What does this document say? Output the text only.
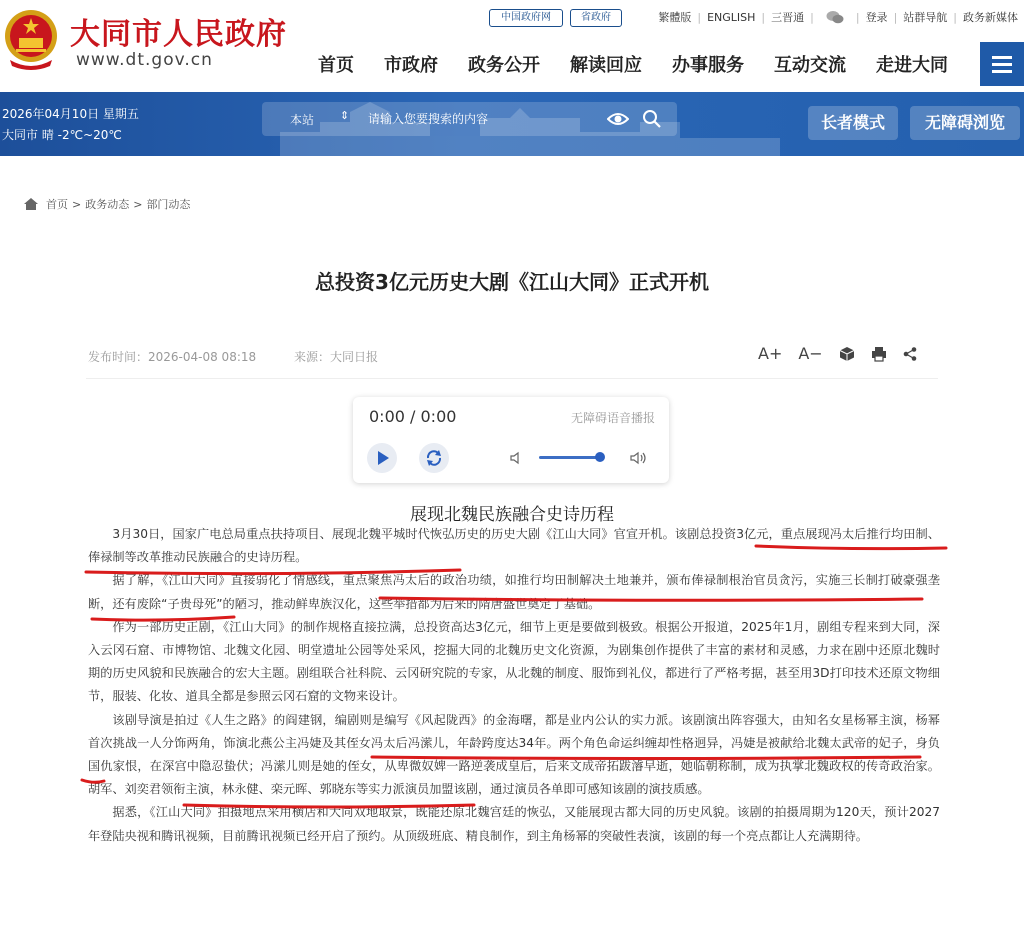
大同市人民政府
www.dt.gov.cn
中国政府网	省政府	繁體版 | ENGLISH | 三晋通 |	| 登录 | 站群导航 | 政务新媒体
首页 市政府 政务公开 解读回应 办事服务 互动交流 走进大同
2026年04月10日 星期五
大同市 晴 -2℃~20℃
本站 ⇕
请输入您要搜索的内容	长者模式	无障碍浏览
首页 > 政务动态 > 部门动态
总投资3亿元历史大剧《江山大同》正式开机
发布时间：2026-04-08 08:18	来源：大同日报	A+ A−
0:00 / 0:00	无障碍语音播报
展现北魏民族融合史诗历程

3月30日，国家广电总局重点扶持项目、展现北魏平城时代恢弘历史的历史大剧《江山大同》官宣开机。该剧总投资3亿元，重点展现冯太后推行均田制、俸禄制等改革推动民族融合的史诗历程。

据了解，《江山大同》直接弱化了情感线，重点聚焦冯太后的政治功绩，如推行均田制解决土地兼并，颁布俸禄制根治官员贪污，实施三长制打破豪强垄断，还有废除“子贵母死”的陋习，推动鲜卑族汉化，这些举措都为后来的隋唐盛世奠定了基础。

作为一部历史正剧，《江山大同》的制作规格直接拉满，总投资高达3亿元，细节上更是要做到极致。根据公开报道，2025年1月，剧组专程来到大同，深入云冈石窟、市博物馆、北魏文化园、明堂遗址公园等处采风，挖掘大同的北魏历史文化资源，为剧集创作提供了丰富的素材和灵感，力求在剧中还原北魏时期的历史风貌和民族融合的宏大主题。剧组联合社科院、云冈研究院的专家，从北魏的制度、服饰到礼仪，都进行了严格考据，甚至用3D打印技术还原文物细节，服装、化妆、道具全都是参照云冈石窟的文物来设计。

该剧导演是拍过《人生之路》的阎建钢，编剧则是编写《风起陇西》的金海曙，都是业内公认的实力派。该剧演出阵容强大，由知名女星杨幂主演，杨幂首次挑战一人分饰两角，饰演北燕公主冯婕及其侄女冯太后冯潆儿，年龄跨度达34年。两个角色命运纠缠却性格迥异，冯婕是被献给北魏太武帝的妃子，身负国仇家恨，在深宫中隐忍蛰伏；冯潆儿则是她的侄女，从卑微奴婢一路逆袭成皇后，后来文成帝拓跋濬早逝，她临朝称制，成为执掌北魏政权的传奇政治家。胡军、刘奕君领衔主演，林永健、栾元晖、郭晓东等实力派演员加盟该剧，通过演员各单即可感知该剧的演技质感。

据悉，《江山大同》拍摄地点采用横店和大同双地取景，既能还原北魏宫廷的恢弘，又能展现古都大同的历史风貌。该剧的拍摄周期为120天，预计2027年登陆央视和腾讯视频，目前腾讯视频已经开启了预约。从顶级班底、精良制作，到主角杨幂的突破性表演，该剧的每一个亮点都让人充满期待。
